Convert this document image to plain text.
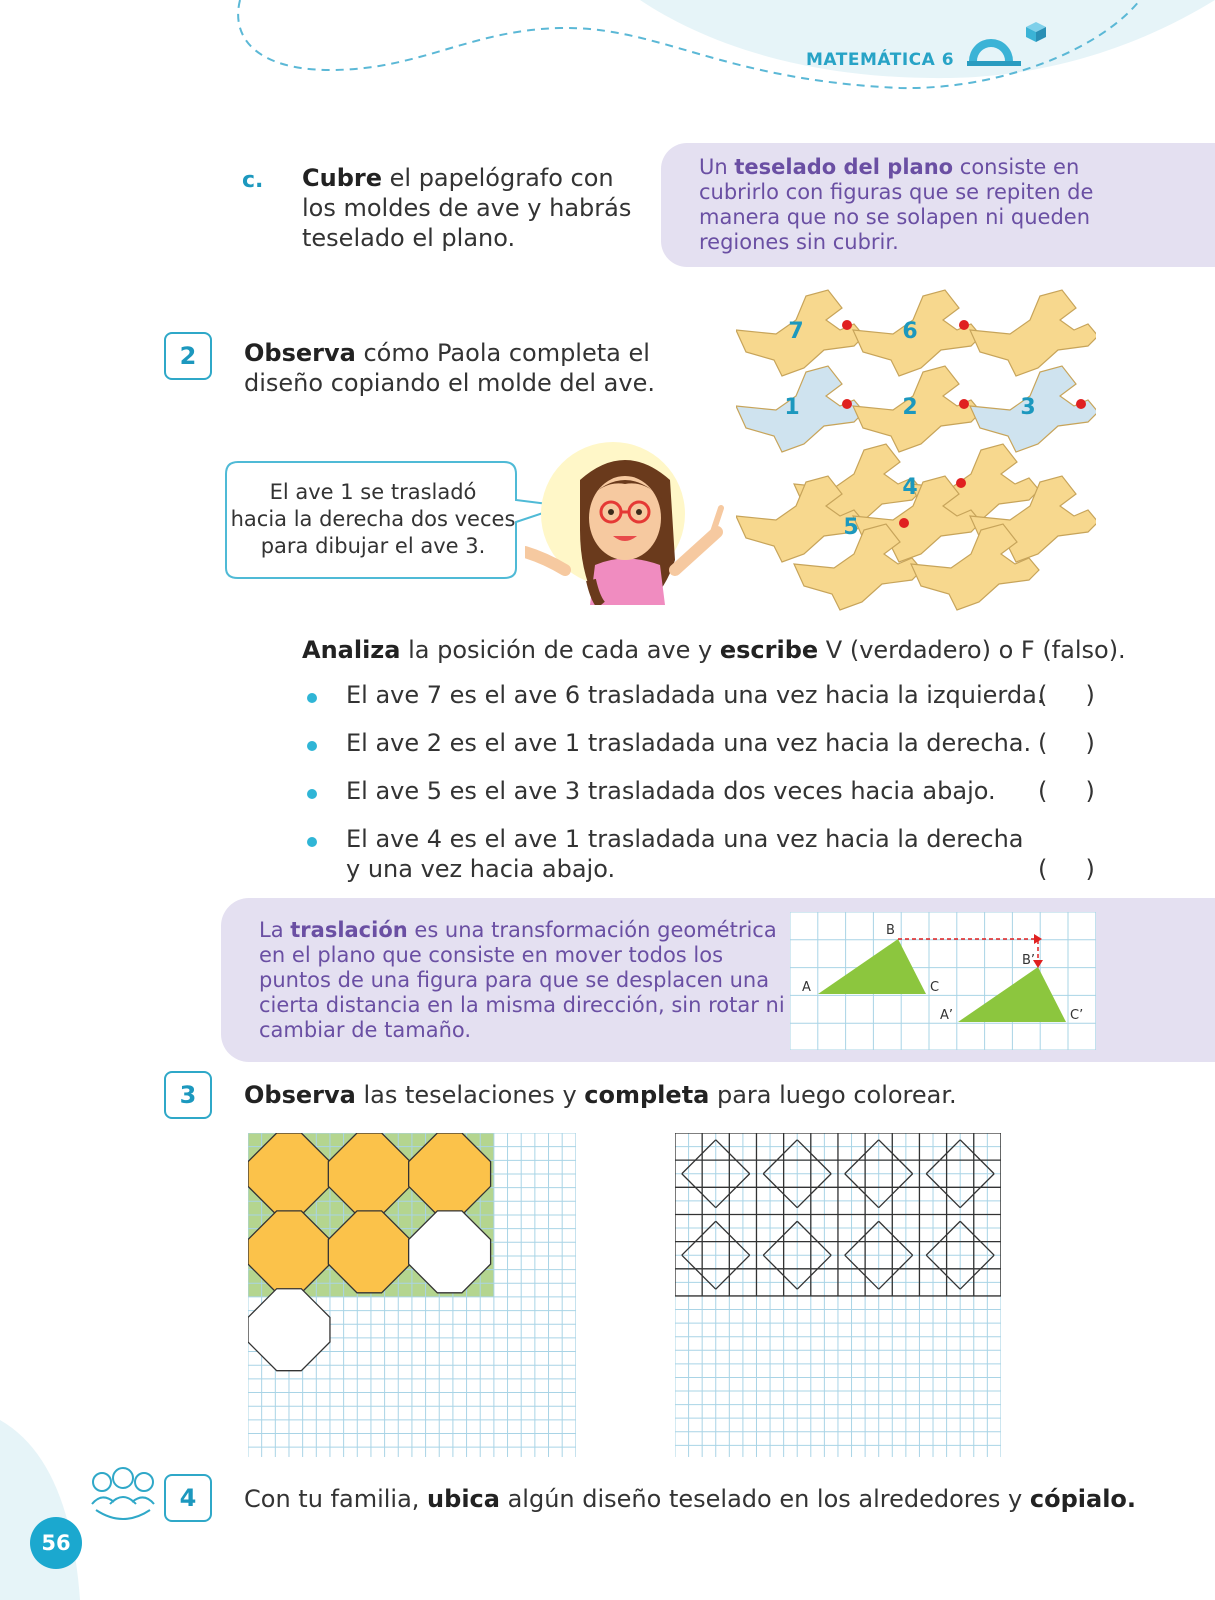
MATEMÁTICA 6
c. Cubre el papelógrafo con
los moldes de ave y habrás
teselado el plano.
Un teselado del plano consiste en
cubrirlo con figuras que se repiten de
manera que no se solapen ni queden
regiones sin cubrir.
2	Observa cómo Paola completa el
diseño copiando el molde del ave.
El ave 1 se trasladó
hacia la derecha dos veces
para dibujar el ave 3.
7	6
1	2	3
4
5
Analiza la posición de cada ave y escribe V (verdadero) o F (falso).
El ave 7 es el ave 6 trasladada una vez hacia la izquierda.
(     )
El ave 2 es el ave 1 trasladada una vez hacia la derecha. (     )
El ave 5 es el ave 3 trasladada dos veces hacia abajo. (     )
El ave 4 es el ave 1 trasladada una vez hacia la derecha
y una vez hacia abajo.	(     )
La traslación es una transformación geométrica
en el plano que consiste en mover todos los
puntos de una figura para que se desplacen una
cierta distancia en la misma dirección, sin rotar ni
cambiar de tamaño.
A
B
C
A’
B’
C’
3	Observa las teselaciones y completa para luego colorear.
4	Con tu familia, ubica algún diseño teselado en los alrededores y cópialo.
56
